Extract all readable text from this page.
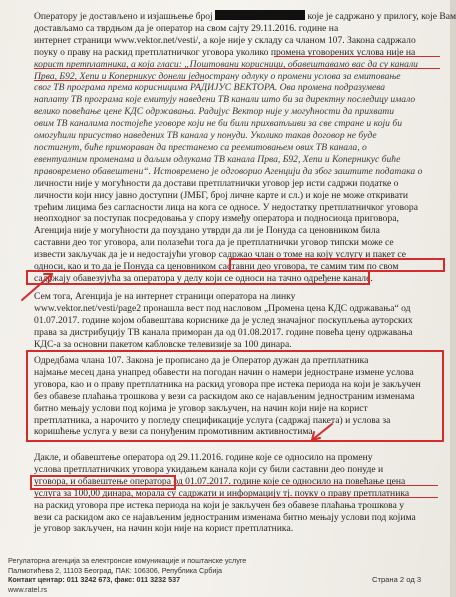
Оператору је достављено и изјашњење број	које је садржано у прилогу, које Вам
достављамо са тврдњом да је оператор на свом сајту 29.11.2016. године на
интернет страници www.vektor.net/vesti/, а које није у складу са чланом 107. Закона садржало
поуку о праву на раскид претплатничког уговора уколико промена уговорених услова није на
корист претплатника, а која гласи: „Поштовани корисници, обавештавамо вас да су канали
Прва, Б92, Хепи и Коперникус донели једнострану одлуку о промени услова за емитовање
свог ТВ програма према корисницима РАДИЈУС ВЕКТОРА. Ова промена подразумева
наплату ТВ програма које емитују наведени ТВ канали што би за директну последицу имало
велико повећање цене КДС одржавања. Радијус Вектор није у могућности да прихвати
овим ТВ каналима постојеће уговоре који не би били прихватљиви за све стране и који би
омогућили присуство наведених ТВ канала у понуди. Уколико такав договор не буде
постигнут, биће примораван да престанемо са реемитовањем ових ТВ канала, о
евентуалним променама и даљим одлукама ТВ канала Прва, Б92, Хепи и Коперникус биће
правовремено обавештени“. Истовремено је одговорио Агенцији да због заштите података о
личности није у могућности да достави претплатнички уговор јер исти садржи податке о
личности који нису јавно доступни (ЈМБГ, број личне карте и сл.) и које не може откривати
трећим лицима без сагласности лица на кога се односе. У недостатку претплатничког уговора
неопходног за поступак посредовања у спору између оператора и подносиоца приговора,
Агенција није у могућности да поуздано утврди да ли је Понуда са ценовником била
саставни део тог уговора, али полазећи тога да је претплатнички уговор типски може се
извести закључак да је и недостајући уговор садржао члан о томе на коју услугу и пакет се
односи, као и то да је Понуда са ценовником саставни део уговора, те самим тим по свом
садржају обавезујућа за оператора у делу који се односи на тачно одређене канале.
Сем тога, Агенција је на интернет страници оператора на линку
www.vektor.net/vesti/page2 пронашла вест под насловом „Промена цена КДС одржавања“ од
01.07.2017. године којом обавештава кориснике да је услед значајног поскупљења ауторских
права за дистрибуцију ТВ канала приморан да од 01.08.2017. године повећа цену одржавања
КДС-а за основни пакетом кабловске телевизије за 100 динара.
Одредбама члана 107. Закона је прописано да је Оператор дужан да претплатника
најмање месец дана унапред обавести на погодан начин о намери једностране измене услова
уговора, као и о праву претплатника на раскид уговора пре истека периода на који је закључен
без обавезе плаћања трошкова у вези са раскидом ако се најављеним једностраним изменама
битно мењају услови под којима је уговор закључен, на начин који није на корист
претплатника, а нарочито у погледу спецификације услуга (садржај пакета) и услова за
коришћење услуга у вези са понуђеним промотивним активностима.
Дакле, и обавештење оператора од 29.11.2016. године које се односило на промену
услова претплатничких уговора укидањем канала који су били саставни део понуде и
уговора, и обавештење оператора од 01.07.2017. године које се односило на повећање цена
услуга за 100,00 динара, морала су садржати и информацију тј. поуку о праву претплатника
на раскид уговора пре истека периода на који је закључен без обавезе плаћања трошкова у
вези са раскидом ако се најављеним једностраним изменама битно мењају услови под којима
је уговор закључен, на начин који није на корист претплатника.
Регулаторна агенција за електронске комуникације и поштанске услуге
Палмотићева 2, 11103 Београд, ПАК: 106306, Република Србија
Контакт центар: 011 3242 673, факс: 011 3232 537
www.ratel.rs
Страна 2 од 3
